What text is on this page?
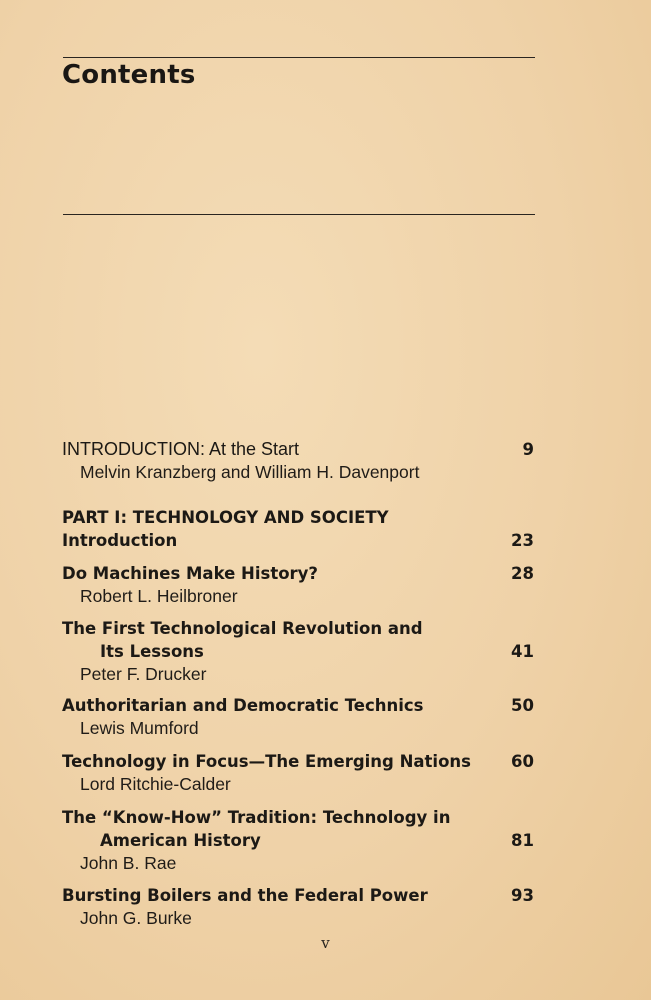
Contents
INTRODUCTION: At the Start	9
Melvin Kranzberg and William H. Davenport
PART I: TECHNOLOGY AND SOCIETY
Introduction	23
Do Machines Make History?	28
Robert L. Heilbroner
The First Technological Revolution and
Its Lessons	41
Peter F. Drucker
Authoritarian and Democratic Technics	50
Lewis Mumford
Technology in Focus—The Emerging Nations 60
Lord Ritchie-Calder
The “Know-How” Tradition: Technology in
American History	81
John B. Rae
Bursting Boilers and the Federal Power	93
John G. Burke
v
